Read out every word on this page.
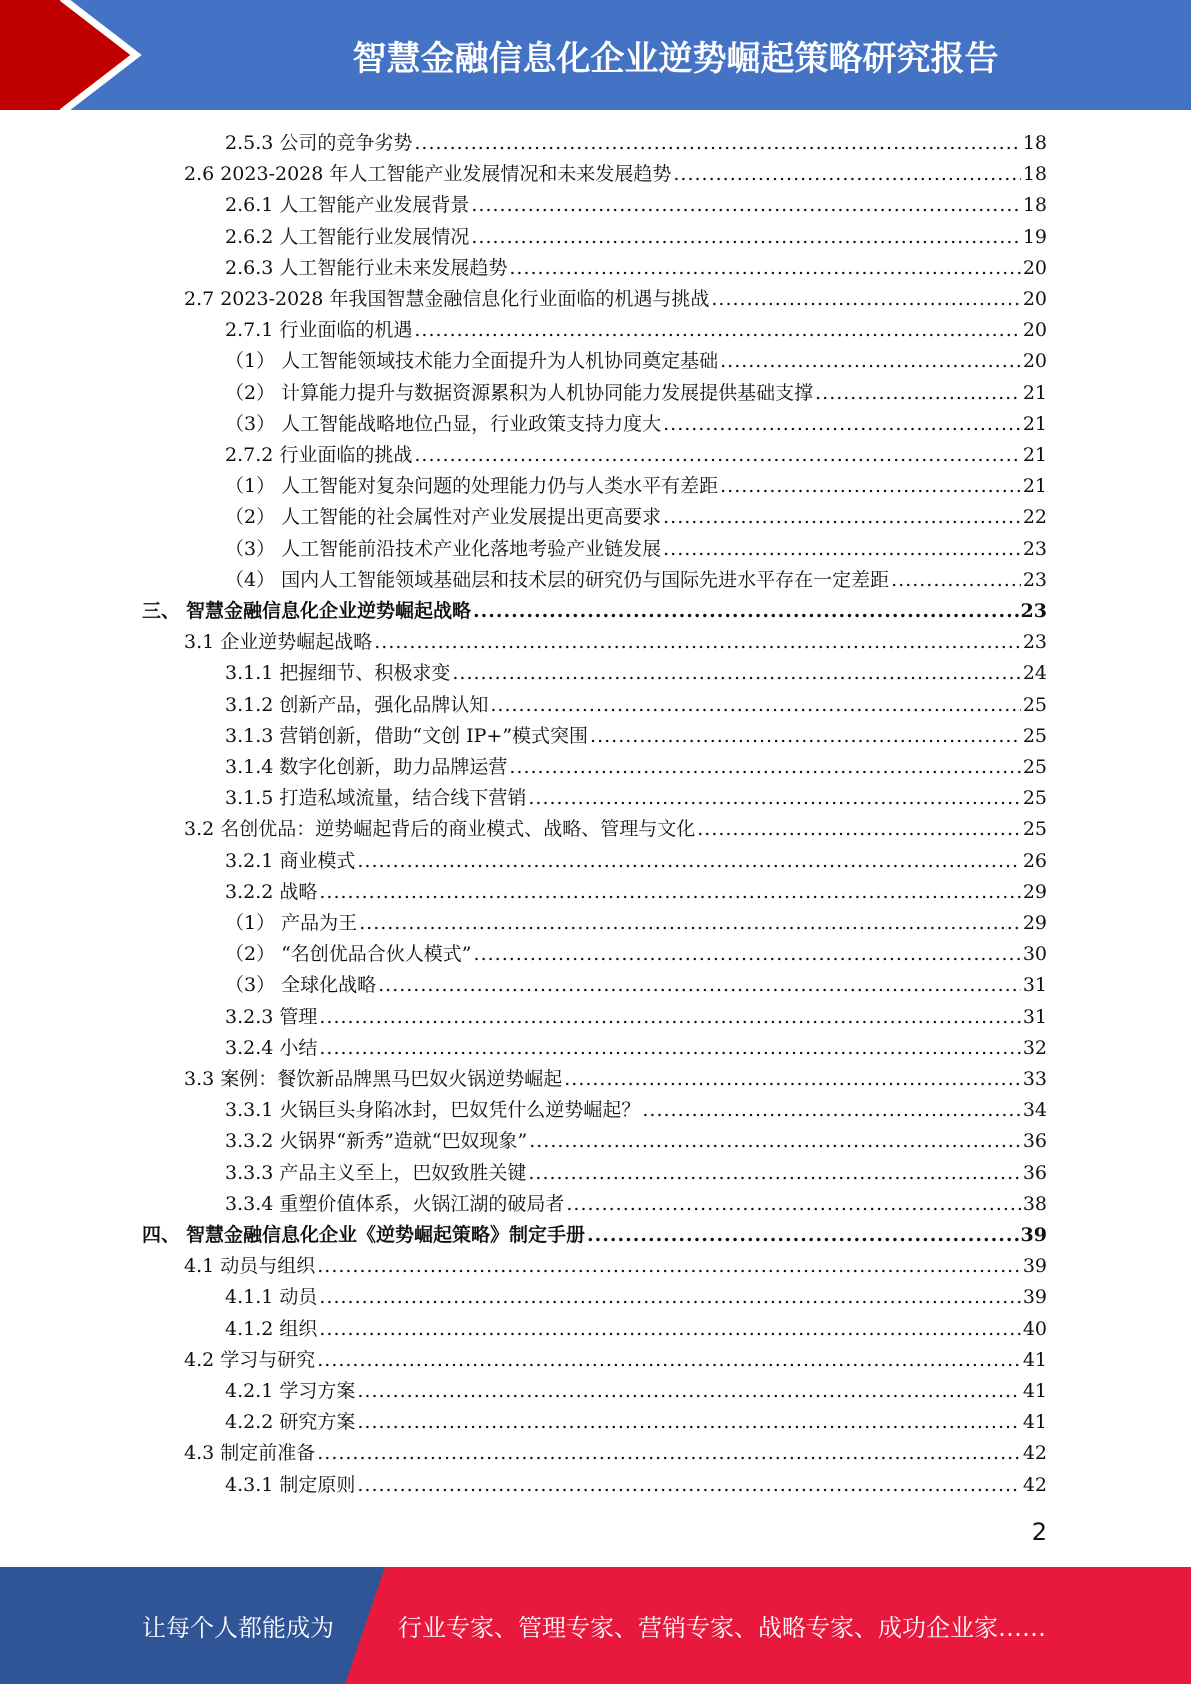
智慧金融信息化企业逆势崛起策略研究报告
2.5.3 公司的竞争劣势 .....	18
2.6 2023-2028 年人工智能产业发展情况和未来发展趋势 .....	18
2.6.1 人工智能产业发展背景 .....	18
2.6.2 人工智能行业发展情况 .....	19
2.6.3 人工智能行业未来发展趋势 .....	20
2.7 2023-2028 年我国智慧金融信息化行业面临的机遇与挑战 .....	20
2.7.1 行业面临的机遇 .....	20
（1） 人工智能领域技术能力全面提升为人机协同奠定基础 .....	20
（2） 计算能力提升与数据资源累积为人机协同能力发展提供基础支撑 .....	21
（3） 人工智能战略地位凸显，行业政策支持力度大 .....	21
2.7.2 行业面临的挑战 .....	21
（1） 人工智能对复杂问题的处理能力仍与人类水平有差距 .....	21
（2） 人工智能的社会属性对产业发展提出更高要求 .....	22
（3） 人工智能前沿技术产业化落地考验产业链发展 .....	23
（4） 国内人工智能领域基础层和技术层的研究仍与国际先进水平存在一定差距 .....	23
三、 智慧金融信息化企业逆势崛起战略 .....	23
3.1 企业逆势崛起战略 .....	23
3.1.1 把握细节、积极求变 .....	24
3.1.2 创新产品，强化品牌认知 .....	25
3.1.3 营销创新，借助“文创 IP+”模式突围 .....	25
3.1.4 数字化创新，助力品牌运营 .....	25
3.1.5 打造私域流量，结合线下营销 .....	25
3.2 名创优品：逆势崛起背后的商业模式、战略、管理与文化 .....	25
3.2.1 商业模式 .....	26
3.2.2 战略 .....	29
（1） 产品为王 .....	29
（2） “名创优品合伙人模式” .....	30
（3） 全球化战略 .....	31
3.2.3 管理 .....	31
3.2.4 小结 .....	32
3.3 案例：餐饮新品牌黑马巴奴火锅逆势崛起 .....	33
3.3.1 火锅巨头身陷冰封，巴奴凭什么逆势崛起？ .....	34
3.3.2 火锅界“新秀”造就“巴奴现象” .....	36
3.3.3 产品主义至上，巴奴致胜关键 .....	36
3.3.4 重塑价值体系，火锅江湖的破局者 .....	38
四、 智慧金融信息化企业《逆势崛起策略》制定手册 .....	39
4.1 动员与组织 .....	39
4.1.1 动员 .....	39
4.1.2 组织 .....	40
4.2 学习与研究 .....	41
4.2.1 学习方案 .....	41
4.2.2 研究方案 .....	41
4.3 制定前准备 .....	42
4.3.1 制定原则 .....	42
2
让每个人都能成为	行业专家、管理专家、营销专家、战略专家、成功企业家……
